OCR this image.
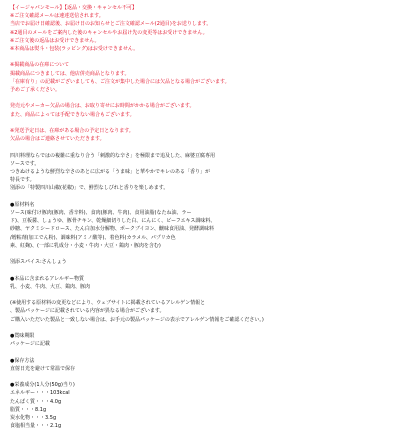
【イージャパンモール】【返品・交換・キャンセル不可】
※ご注文確認メールは速達送信されます。
当店でお届け日確認後、お届け日のお知らせとご注文確認メール(2通目)をお送りします。
※2通目のメールをご案内した後のキャンセルやお届け先の変更等はお受けできません。
※ご注文後の返品はお受けできません。
※本商品は熨斗・包装(ラッピング)はお受けできません。
※掲載商品の在庫について
掲載商品につきましては、他店併売商品となります。
「在庫有り」の記載がございましても、ご注文が集中した場合には欠品となる場合がございます。
予めご了承ください。
発売元やメーカー欠品の場合は、お取り寄せにお時間がかかる場合がございます。
また、商品によっては手配できない場合もございます。
※発送予定日は、在庫がある場合の予定日となります。
欠品の場合はご連絡させていただきます。
四川料理ならではの複雑に重なり合う「刺激的な辛さ」を極限まで追及した、麻婆豆腐専用
ソースです。
つきぬけるような鮮烈な辛さのあとに広がる「うま味」と華やかでキレのある「香り」が
特長です。
別添の「特製四川山椒(花椒)」で、鮮烈なしびれと香りを楽しめます。
●原材料名
ソース(味付け豚肉(豚肉、香辛料)、食肉(豚肉、牛肉)、食用油脂(なたね油、ラー
ド)、豆板醤、しょうゆ、豚骨チキン、乾燥細切りした白、にんにく、ビーフエキス調味料、
砂糖、ヤクミシードロース、たん白加水分解物、ポークブイヨン、醸味食用油、発酵調味料
/増粘剤(加工でん粉)、調味料(アミノ酸等)、着色料(カラメル、パプリカ色
素、紅麹)、(一部に乳成分・小麦・牛肉・大豆・鶏肉・豚肉を含む)
別添スパイス:さんしょう
●本品に含まれるアレルギー物質
乳、小麦、牛肉、大豆、鶏肉、豚肉
(※使用する原材料の変更などにより、ウェブサイトに掲載されているアレルゲン情報と
、製品パッケージに記載されている内容が異なる場合がございます。
ご購入いただいた製品と一致しない場合は、お手元の製品パッケージの表示でアレルゲン情報をご確認ください。)
●賞味期限
パッケージに記載
●保存方法
直射日光を避けて常温で保存
●栄養成分(1人分(50g)当り)
エネルギー・・・103kcal
たんぱく質・・・4.0g
脂質・・・8.1g
炭水化物・・・3.5g
食塩相当量・・・2.1g
